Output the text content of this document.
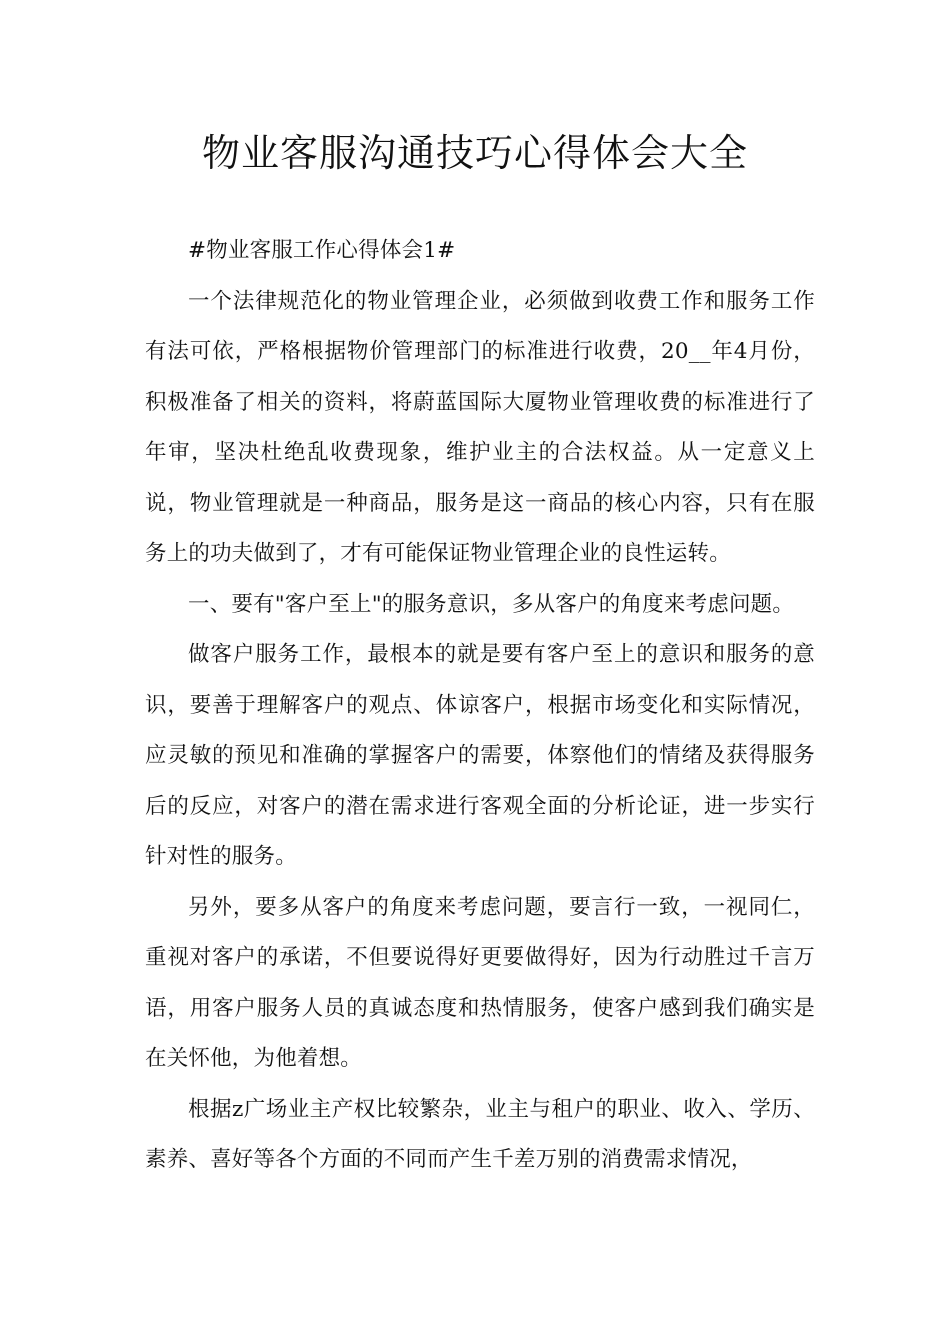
物业客服沟通技巧心得体会大全

#物业客服工作心得体会1#

一个法律规范化的物业管理企业，必须做到收费工作和服务工作有法可依，严格根据物价管理部门的标准进行收费，20__年4月份，积极准备了相关的资料，将蔚蓝国际大厦物业管理收费的标准进行了年审，坚决杜绝乱收费现象，维护业主的合法权益。从一定意义上说，物业管理就是一种商品，服务是这一商品的核心内容，只有在服务上的功夫做到了，才有可能保证物业管理企业的良性运转。

一、要有"客户至上"的服务意识，多从客户的角度来考虑问题。

做客户服务工作，最根本的就是要有客户至上的意识和服务的意识，要善于理解客户的观点、体谅客户，根据市场变化和实际情况，应灵敏的预见和准确的掌握客户的需要，体察他们的情绪及获得服务后的反应，对客户的潜在需求进行客观全面的分析论证，进一步实行针对性的服务。

另外，要多从客户的角度来考虑问题，要言行一致，一视同仁，重视对客户的承诺，不但要说得好更要做得好，因为行动胜过千言万语，用客户服务人员的真诚态度和热情服务，使客户感到我们确实是在关怀他，为他着想。

根据z广场业主产权比较繁杂，业主与租户的职业、收入、学历、素养、喜好等各个方面的不同而产生千差万别的消费需求情况，
